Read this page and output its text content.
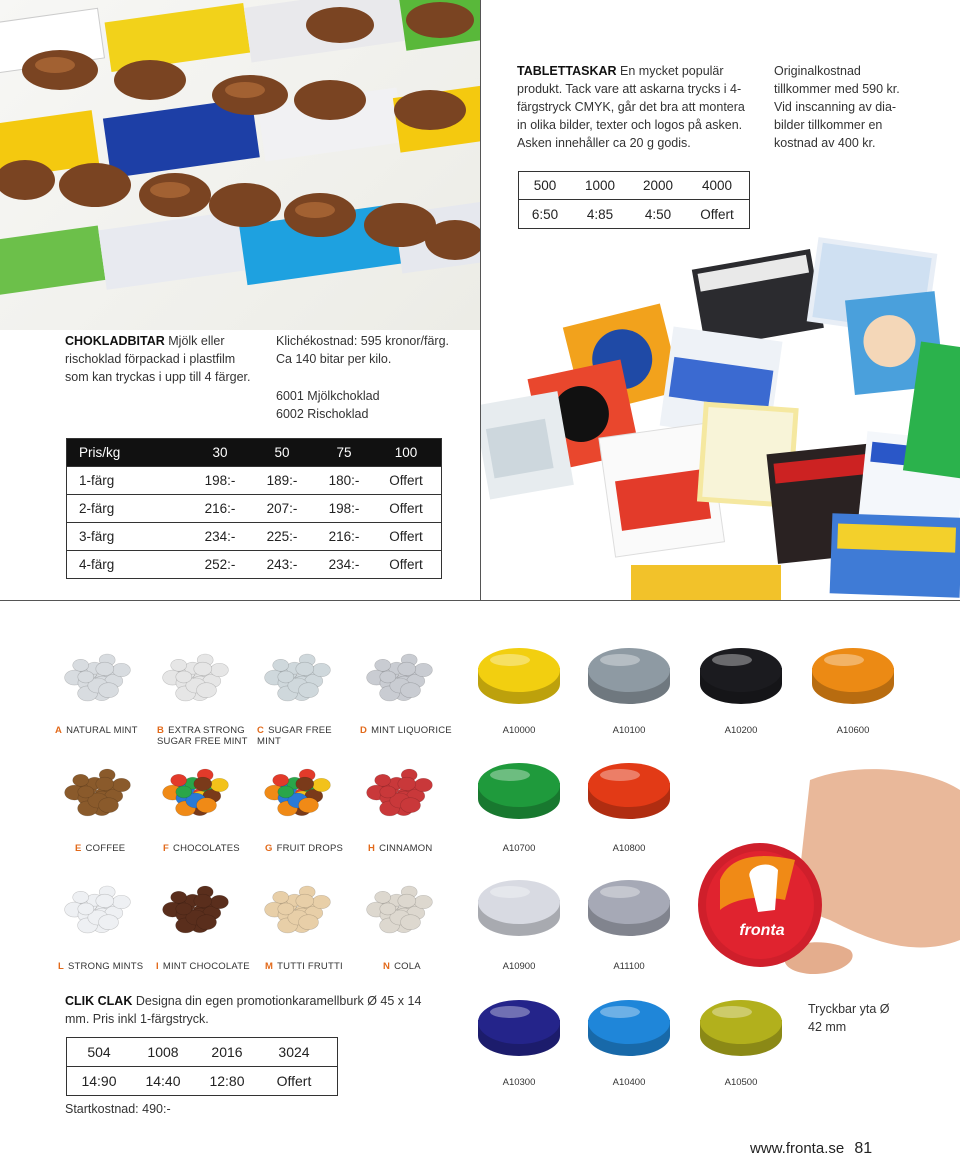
TABLETTASKAR En mycket populär produkt. Tack vare att askarna trycks i 4-färgstryck CMYK, går det bra att montera in olika bilder, texter och logos på asken. Asken innehåller ca 20 g godis.
Originalkostnad tillkommer med 590 kr. Vid inscanning av dia-bilder tillkommer en kostnad av 400 kr.
500	1000	2000	4000
6:50	4:85	4:50	Offert
CHOKLADBITAR Mjölk eller rischoklad förpackad i plastfilm som kan tryckas i upp till 4 färger.
Klichékostnad: 595 kronor/färg. Ca 140 bitar per kilo.
6001 Mjölkchoklad
6002 Rischoklad
Pris/kg	30	50	75	100
1-färg	198:-	189:-	180:-	Offert
2-färg	216:-	207:-	198:-	Offert
3-färg	234:-	225:-	216:-	Offert
4-färg	252:-	243:-	234:-	Offert
A NATURAL MINT	B EXTRA STRONG SUGAR FREE MINT
C SUGAR FREE MINT
D MINT LIQUORICE
E COFFEE	F CHOCOLATES	G FRUIT DROPS	H CINNAMON
L STRONG MINTS	I MINT CHOCOLATE M TUTTI FRUTTI	N COLA
A10000	A10100	A10200	A10600
A10700	A10800
A10900	A11100
A10300	A10400	A10500
fronta
CLIK CLAK Designa din egen promotionkaramellburk Ø 45 x 14 mm. Pris inkl 1-färgstryck.
Tryckbar yta Ø 42 mm
504	1008	2016	3024
14:90	14:40	12:80	Offert
Startkostnad: 490:-
www.fronta.se 81
